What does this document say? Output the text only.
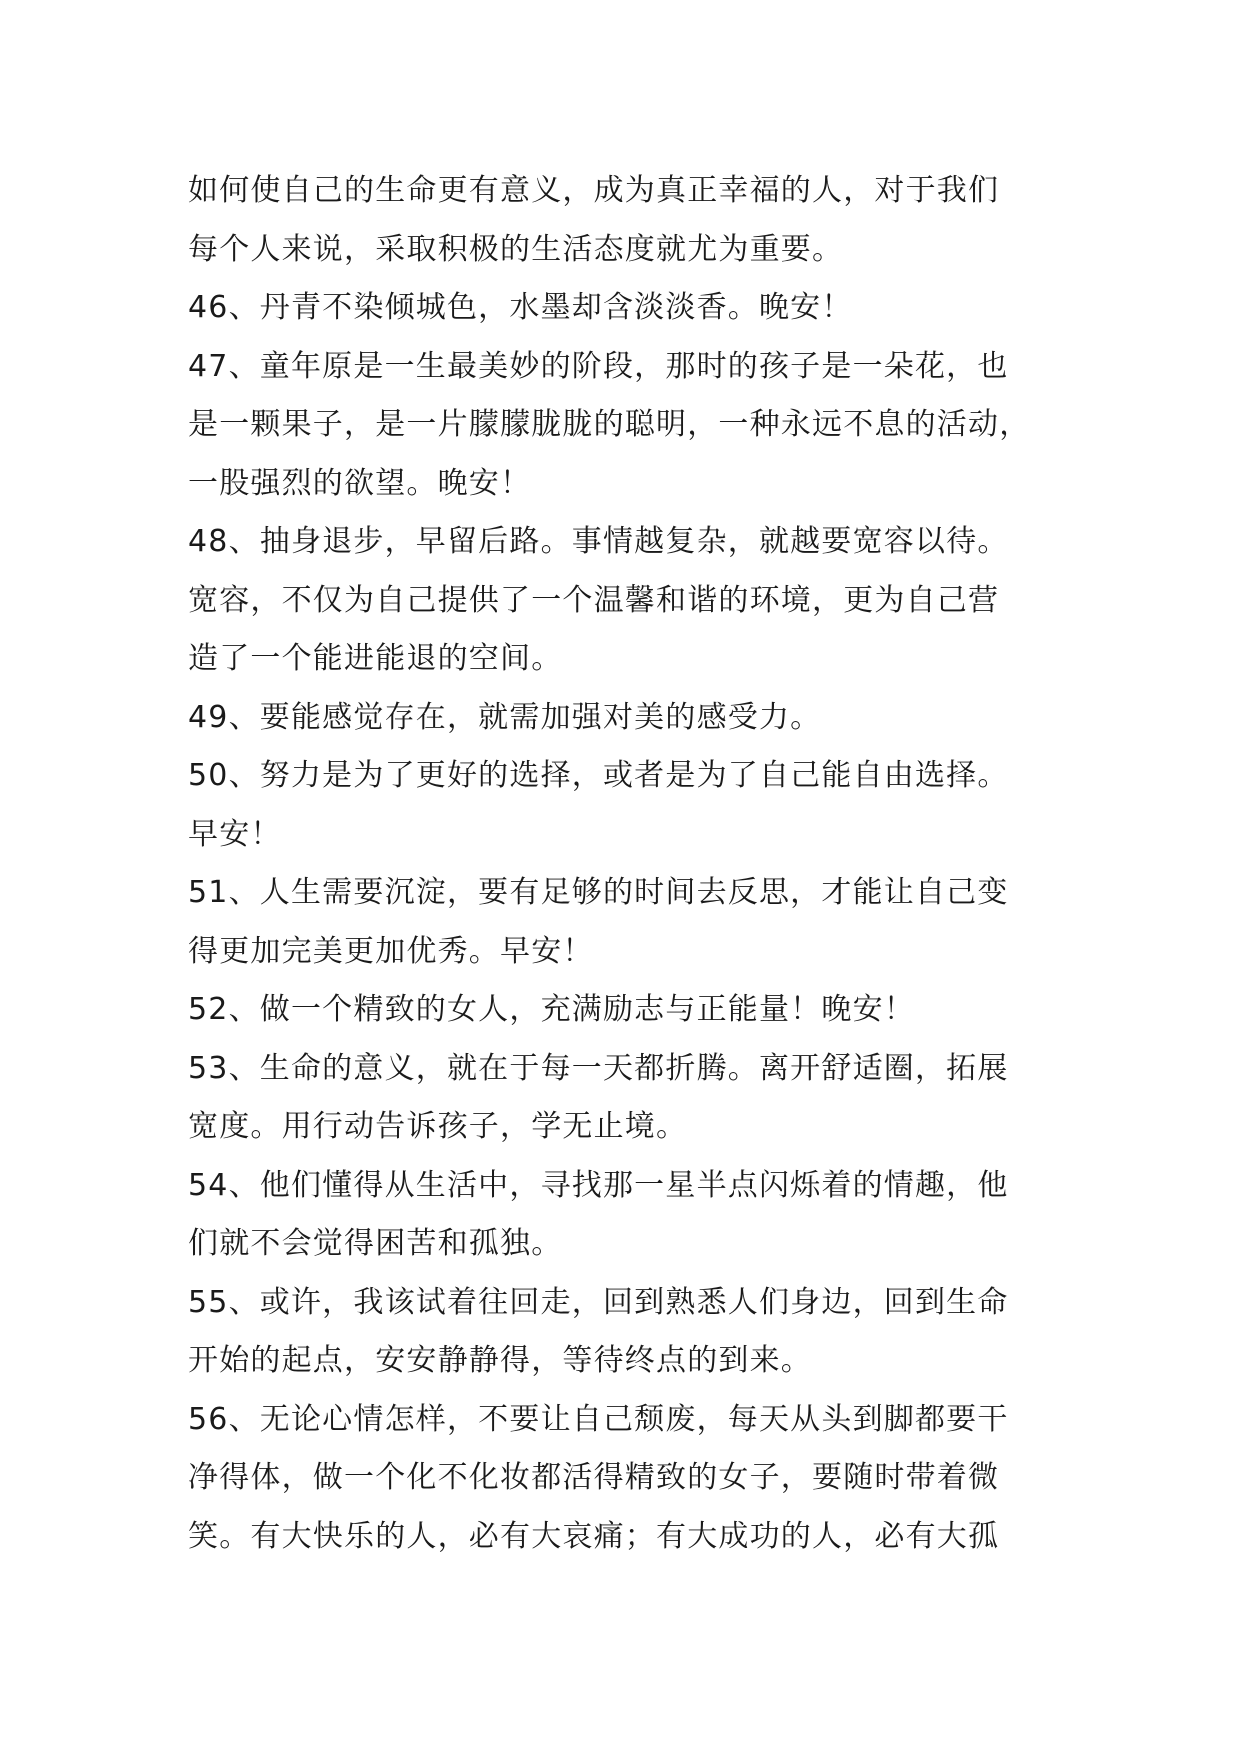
如何使自己的生命更有意义，成为真正幸福的人，对于我们
每个人来说，采取积极的生活态度就尤为重要。
46、丹青不染倾城色，水墨却含淡淡香。晚安！
47、童年原是一生最美妙的阶段，那时的孩子是一朵花，也
是一颗果子，是一片朦朦胧胧的聪明，一种永远不息的活动，
一股强烈的欲望。晚安！
48、抽身退步，早留后路。事情越复杂，就越要宽容以待。
宽容，不仅为自己提供了一个温馨和谐的环境，更为自己营
造了一个能进能退的空间。
49、要能感觉存在，就需加强对美的感受力。
50、努力是为了更好的选择，或者是为了自己能自由选择。
早安！
51、人生需要沉淀，要有足够的时间去反思，才能让自己变
得更加完美更加优秀。早安！
52、做一个精致的女人，充满励志与正能量！晚安！
53、生命的意义，就在于每一天都折腾。离开舒适圈，拓展
宽度。用行动告诉孩子，学无止境。
54、他们懂得从生活中，寻找那一星半点闪烁着的情趣，他
们就不会觉得困苦和孤独。
55、或许，我该试着往回走，回到熟悉人们身边，回到生命
开始的起点，安安静静得，等待终点的到来。
56、无论心情怎样，不要让自己颓废，每天从头到脚都要干
净得体，做一个化不化妆都活得精致的女子，要随时带着微
笑。有大快乐的人，必有大哀痛；有大成功的人，必有大孤
